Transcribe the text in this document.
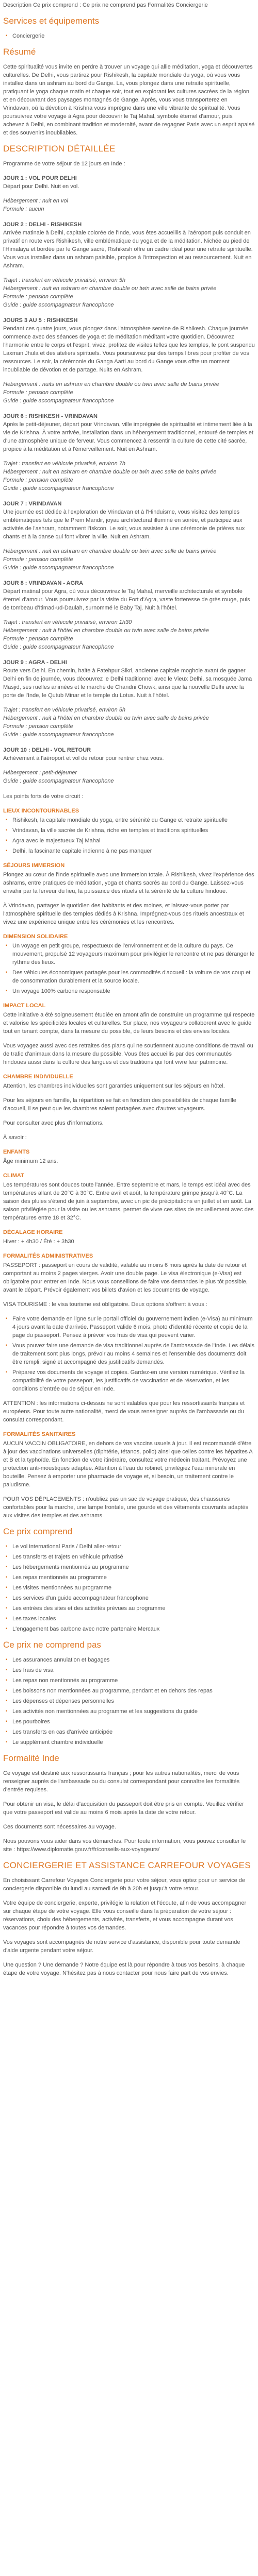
Description Ce prix comprend : Ce prix ne comprend pas Formalités Conciergerie

Services et équipements
▪ Conciergerie
Résumé

Cette spiritualité vous invite en perdre à trouver un voyage qui allie méditation, yoga et découvertes culturelles. De Delhi, vous partirez pour Rishikesh, la capitale mondiale du yoga, où vous vous installez dans un ashram au bord du Gange. La, vous plongez dans une retraite spirituelle, pratiquant le yoga chaque matin et chaque soir, tout en explorant les cultures sacrées de la région et en découvrant des paysages montagnés de Gange. Après, vous vous transporterez en Vrindavan, où la dévotion à Krishna vous imprègne dans une ville vibrante de spiritualité. Vous poursuivrez votre voyage à Agra pour découvrir le Taj Mahal, symbole éternel d'amour, puis achevez à Delhi, en combinant tradition et modernité, avant de regagner Paris avec un esprit apaisé et des souvenirs inoubliables.

DESCRIPTION DÉTAILLÉE

Programme de votre séjour de 12 jours en Inde :

JOUR 1 : VOL POUR DELHI

Départ pour Delhi. Nuit en vol.

Hébergement : nuit en vol

Formule : aucun

JOUR 2 : DELHI - RISHIKESH

Arrivée matinale à Delhi, capitale colorée de l'Inde, vous êtes accueillis à l'aéroport puis conduit en privatif en route vers Rishikesh, ville emblématique du yoga et de la méditation. Nichée au pied de l'Himalaya et bordée par le Gange sacré, Rishikesh offre un cadre idéal pour une retraite spirituelle. Vous vous installez dans un ashram paisible, propice à l'introspection et au ressourcement. Nuit en Ashram.

Trajet : transfert en véhicule privatisé, environ 5h

Hébergement : nuit en ashram en chambre double ou twin avec salle de bains privée

Formule : pension complète

Guide : guide accompagnateur francophone

JOURS 3 AU 5 : RISHIKESH

Pendant ces quatre jours, vous plongez dans l'atmosphère sereine de Rishikesh. Chaque journée commence avec des séances de yoga et de méditation méditant votre quotidien. Découvrez l'harmonie entre le corps et l'esprit, vivez, profitez de visites telles que les temples, le pont suspendu Laxman Jhula et des ateliers spirituels. Vous poursuivrez par des temps libres pour profiter de vos ressources. Le soir, la cérémonie du Ganga Aarti au bord du Gange vous offre un moment inoubliable de dévotion et de partage. Nuits en Ashram.

Hébergement : nuits en ashram en chambre double ou twin avec salle de bains privée

Formule : pension complète

Guide : guide accompagnateur francophone

JOUR 6 : RISHIKESH - VRINDAVAN

Après le petit-déjeuner, départ pour Vrindavan, ville imprégnée de spiritualité et intimement liée à la vie de Krishna. À votre arrivée, installation dans un hébergement traditionnel, entouré de temples et d'une atmosphère unique de ferveur. Vous commencez à ressentir la culture de cette cité sacrée, propice à la méditation et à l'émerveillement. Nuit en Ashram.

Trajet : transfert en véhicule privatisé, environ 7h

Hébergement : nuit en ashram en chambre double ou twin avec salle de bains privée

Formule : pension complète

Guide : guide accompagnateur francophone

JOUR 7 : VRINDAVAN

Une journée est dédiée à l'exploration de Vrindavan et à l'Hinduisme, vous visitez des temples emblématiques tels que le Prem Mandir, joyau architectural illuminé en soirée, et participez aux activités de l'ashram, notamment l'Iskcon. Le soir, vous assistez à une cérémonie de prières aux chants et à la danse qui font vibrer la ville. Nuit en Ashram.

Hébergement : nuit en ashram en chambre double ou twin avec salle de bains privée

Formule : pension complète

Guide : guide accompagnateur francophone

JOUR 8 : VRINDAVAN - AGRA

Départ matinal pour Agra, où vous découvrirez le Taj Mahal, merveille architecturale et symbole éternel d'amour. Vous poursuivrez par la visite du Fort d'Agra, vaste forteresse de grès rouge, puis de tombeau d'Itimad-ud-Daulah, surnommé le Baby Taj. Nuit à l'hôtel.

Trajet : transfert en véhicule privatisé, environ 1h30

Hébergement : nuit à l'hôtel en chambre double ou twin avec salle de bains privée

Formule : pension complète

Guide : guide accompagnateur francophone

JOUR 9 : AGRA - DELHI

Route vers Delhi. En chemin, halte à Fatehpur Sikri, ancienne capitale moghole avant de gagner Delhi en fin de journée, vous découvrez le Delhi traditionnel avec le Vieux Delhi, sa mosquée Jama Masjid, ses ruelles animées et le marché de Chandni Chowk, ainsi que la nouvelle Delhi avec la porte de l'Inde, le Qutub Minar et le temple du Lotus. Nuit à l'hôtel.

Trajet : transfert en véhicule privatisé, environ 5h

Hébergement : nuit à l'hôtel en chambre double ou twin avec salle de bains privée

Formule : pension complète

Guide : guide accompagnateur francophone

JOUR 10 : DELHI - VOL RETOUR

Achèvement à l'aéroport et vol de retour pour rentrer chez vous.

Hébergement : petit-déjeuner

Guide : guide accompagnateur francophone

Les points forts de votre circuit :

LIEUX INCONTOURNABLES
▪ Rishikesh, la capitale mondiale du yoga, entre sérénité du Gange et retraite spirituelle
▪ Vrindavan, la ville sacrée de Krishna, riche en temples et traditions spirituelles
▪ Agra avec le majestueux Taj Mahal
▪ Delhi, la fascinante capitale indienne à ne pas manquer
SÉJOURS IMMERSION

Plongez au cœur de l'Inde spirituelle avec une immersion totale. À Rishikesh, vivez l'expérience des ashrams, entre pratiques de méditation, yoga et chants sacrés au bord du Gange. Laissez-vous envahir par la ferveur du lieu, la puissance des rituels et la sérénité de la culture hindoue.

À Vrindavan, partagez le quotidien des habitants et des moines, et laissez-vous porter par l'atmosphère spirituelle des temples dédiés à Krishna. Imprégnez-vous des rituels ancestraux et vivez une expérience unique entre les cérémonies et les rencontres.

DIMENSION SOLIDAIRE
▪ Un voyage en petit groupe, respectueux de l'environnement et de la culture du pays. Ce mouvement, propulsé 12 voyageurs maximum pour privilégier le rencontre et ne pas déranger le rythme des lieux.
▪ Des véhicules économiques partagés pour les commodités d'accueil : la voiture de vos coup et de consommation durablement et la source locale.
▪ Un voyage 100% carbone responsable
IMPACT LOCAL

Cette initiative a été soigneusement étudiée en amont afin de construire un programme qui respecte et valorise les spécificités locales et culturelles. Sur place, nos voyageurs collaborent avec le guide tout en tenant compte, dans la mesure du possible, de leurs besoins et des envies locales.

Vous voyagez aussi avec des retraites des plans qui ne soutiennent aucune conditions de travail ou de trafic d'animaux dans la mesure du possible. Vous êtes accueillis par des communautés hindoues aussi dans la culture des langues et des traditions qui font vivre leur patrimoine.

CHAMBRE INDIVIDUELLE

Attention, les chambres individuelles sont garanties uniquement sur les séjours en hôtel.

Pour les séjours en famille, la répartition se fait en fonction des possibilités de chaque famille d'accueil, il se peut que les chambres soient partagées avec d'autres voyageurs.

Pour consulter avec plus d'informations.

À savoir :

ENFANTS

Âge minimum 12 ans.

CLIMAT

Les températures sont douces toute l'année. Entre septembre et mars, le temps est idéal avec des températures allant de 20°C à 30°C. Entre avril et août, la température grimpe jusqu'à 40°C. La saison des pluies s'étend de juin à septembre, avec un pic de précipitations en juillet et en août. La saison privilégiée pour la visite ou les ashrams, permet de vivre ces sites de recueillement avec des températures entre 18 et 32°C.

DÉCALAGE HORAIRE

Hiver : + 4h30 / Été : + 3h30

FORMALITÉS ADMINISTRATIVES

PASSEPORT : passeport en cours de validité, valable au moins 6 mois après la date de retour et comportant au moins 2 pages vierges. Avoir une double page. Le visa électronique (e-Visa) est obligatoire pour entrer en Inde. Nous vous conseillons de faire vos demandes le plus tôt possible, avant le départ. Prévoir également vos billets d'avion et les documents de voyage.

VISA TOURISME : le visa tourisme est obligatoire. Deux options s'offrent à vous :

▪ Faire votre demande en ligne sur le portail officiel du gouvernement indien (e-Visa) au minimum 4 jours avant la date d'arrivée. Passeport valide 6 mois, photo d'identité récente et copie de la page du passeport. Pensez à prévoir vos frais de visa qui peuvent varier.
▪ Vous pouvez faire une demande de visa traditionnel auprès de l'ambassade de l'Inde. Les délais de traitement sont plus longs, prévoir au moins 4 semaines et l'ensemble des documents doit être rempli, signé et accompagné des justificatifs demandés.
▪ Préparez vos documents de voyage et copies. Gardez-en une version numérique. Vérifiez la compatibilité de votre passeport, les justificatifs de vaccination et de réservation, et les conditions d'entrée ou de séjour en Inde.

ATTENTION : les informations ci-dessus ne sont valables que pour les ressortissants français et européens. Pour toute autre nationalité, merci de vous renseigner auprès de l'ambassade ou du consulat correspondant.

FORMALITÉS SANITAIRES

AUCUN VACCIN OBLIGATOIRE, en dehors de vos vaccins usuels à jour. Il est recommandé d'être à jour des vaccinations universelles (diphtérie, tétanos, polio) ainsi que celles contre les hépatites A et B et la typhoïde. En fonction de votre itinéraire, consultez votre médecin traitant. Prévoyez une protection anti-moustiques adaptée. Attention à l'eau du robinet, privilégiez l'eau minérale en bouteille. Pensez à emporter une pharmacie de voyage et, si besoin, un traitement contre le paludisme.

POUR VOS DÉPLACEMENTS : n'oubliez pas un sac de voyage pratique, des chaussures confortables pour la marche, une lampe frontale, une gourde et des vêtements couvrants adaptés aux visites des temples et des ashrams.

Ce prix comprend
▪ Le vol international Paris / Delhi aller-retour
▪ Les transferts et trajets en véhicule privatisé
▪ Les hébergements mentionnés au programme
▪ Les repas mentionnés au programme
▪ Les visites mentionnées au programme
▪ Les services d'un guide accompagnateur francophone
▪ Les entrées des sites et des activités prévues au programme
▪ Les taxes locales
▪ L'engagement bas carbone avec notre partenaire Mercaux
Ce prix ne comprend pas
▪ Les assurances annulation et bagages
▪ Les frais de visa
▪ Les repas non mentionnés au programme
▪ Les boissons non mentionnées au programme, pendant et en dehors des repas
▪ Les dépenses et dépenses personnelles
▪ Les activités non mentionnées au programme et les suggestions du guide
▪ Les pourboires
▪ Les transferts en cas d'arrivée anticipée
▪ Le supplément chambre individuelle
Formalité Inde

Ce voyage est destiné aux ressortissants français ; pour les autres nationalités, merci de vous renseigner auprès de l'ambassade ou du consulat correspondant pour connaître les formalités d'entrée requises.

Pour obtenir un visa, le délai d'acquisition du passeport doit être pris en compte. Veuillez vérifier que votre passeport est valide au moins 6 mois après la date de votre retour.

Ces documents sont nécessaires au voyage.

Nous pouvons vous aider dans vos démarches. Pour toute information, vous pouvez consulter le site : https://www.diplomatie.gouv.fr/fr/conseils-aux-voyageurs/

CONCIERGERIE ET ASSISTANCE CARREFOUR VOYAGES

En choisissant Carrefour Voyages Conciergerie pour votre séjour, vous optez pour un service de conciergerie disponible du lundi au samedi de 9h à 20h et jusqu'à votre retour.

Votre équipe de conciergerie, experte, privilégie la relation et l'écoute, afin de vous accompagner sur chaque étape de votre voyage. Elle vous conseille dans la préparation de votre séjour : réservations, choix des hébergements, activités, transferts, et vous accompagne durant vos vacances pour répondre à toutes vos demandes.

Vos voyages sont accompagnés de notre service d'assistance, disponible pour toute demande d'aide urgente pendant votre séjour.

Une question ? Une demande ? Notre équipe est là pour répondre à tous vos besoins, à chaque étape de votre voyage. N'hésitez pas à nous contacter pour nous faire part de vos envies.
